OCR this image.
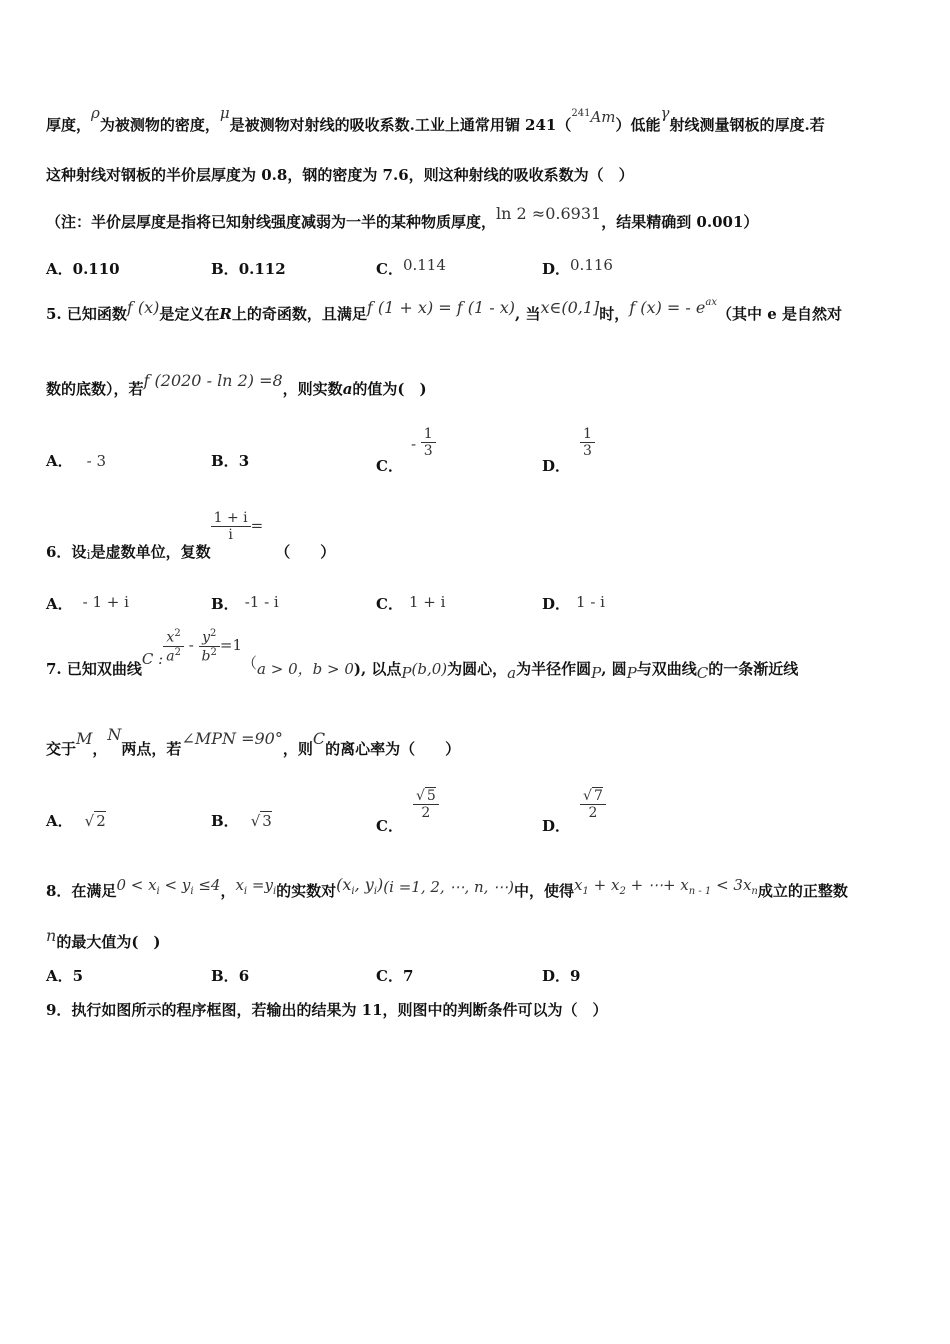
厚度，ρ为被测物的密度，μ是被测物对射线的吸收系数.工业上通常用镅 241（$^{241}$Am）低能γ射线测量钢板的厚度.若
这种射线对钢板的半价层厚度为 0.8，钢的密度为 7.6，则这种射线的吸收系数为（　）
（注：半价层厚度是指将已知射线强度减弱为一半的某种物质厚度，ln 2 ≈0.6931，结果精确到 0.001）
A．0.110	B．0.112	C．0.114	D．0.116
5. 已知函数f (x)是定义在R上的奇函数，且满足f (1 + x) = f (1 - x), 当x∈(0,1]时，f (x) = - $e^{ax}$（其中 e 是自然对
数的底数），若f (2020 - ln 2) =8，则实数a的值为(　)
A． - 3	B．3	C．- $\frac{1}{3}$
D．
$\frac{1}{3}$
6．设i是虚数单位，复数
$\frac{1 + i}{i}$ =（　　）
A． - 1 + i	B． -1 - i	C． 1 + i	D． 1 - i
7. 已知双曲线C : $\frac{x^2}{a^2} - \frac{y^2}{b^2} =1(a > 0$，b > 0), 以点P(b,0)为圆心，a为半径作圆P, 圆P与双曲线C的一条渐近线
交于M，N两点，若∠MPN =90°，则C的离心率为（　　）
A． √ 2	B． √ 3	C．
$\frac{√ 5}{2}$
D．
$\frac{√ 7}{2}$
8．在满足$0 < x_i < y_i \le 4$，$x_i =y_i$的实数对($x_i$, $y_i)(i =1$, 2, ⋯, n, ⋯)中，使得$x_1 + x_2$ + ⋯+ $x_{n - 1} < 3x_n$成立的正整数
n的最大值为(　)
A．5	B．6	C．7	D．9
9．执行如图所示的程序框图，若输出的结果为 11，则图中的判断条件可以为（　）
